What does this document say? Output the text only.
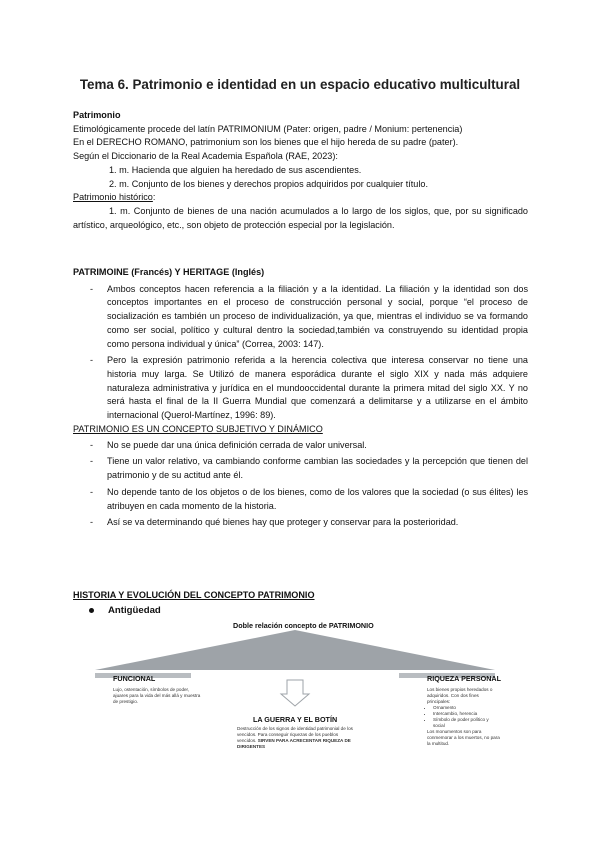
Tema 6. Patrimonio e identidad en un espacio educativo multicultural
Patrimonio
Etimológicamente procede del latín PATRIMONIUM (Pater: origen, padre / Monium: pertenencia)
En el DERECHO ROMANO, patrimonium son los bienes que el hijo hereda de su padre (pater).
Según el Diccionario de la Real Academia Española (RAE, 2023):
1. m. Hacienda que alguien ha heredado de sus ascendientes.
2. m. Conjunto de los bienes y derechos propios adquiridos por cualquier título.
Patrimonio histórico:
1. m. Conjunto de bienes de una nación acumulados a lo largo de los siglos, que, por su significado artístico, arqueológico, etc., son objeto de protección especial por la legislación.
PATRIMOINE (Francés) Y HERITAGE (Inglés)
- Ambos conceptos hacen referencia a la filiación y a la identidad. La filiación y la identidad son dos conceptos importantes en el proceso de construcción personal y social, porque “el proceso de socialización es también un proceso de individualización, ya que, mientras el individuo se va formando como ser social, político y cultural dentro la sociedad,también va construyendo su identidad propia como persona individual y única” (Correa, 2003: 147).
- Pero la expresión patrimonio referida a la herencia colectiva que interesa conservar no tiene una historia muy larga. Se Utilizó de manera esporádica durante el siglo XIX y nada más adquiere naturaleza administrativa y jurídica en el mundooccidental durante la primera mitad del siglo XX. Y no será hasta el final de la II Guerra Mundial que comenzará a delimitarse y a utilizarse en el ámbito internacional (Querol-Martínez, 1996: 89).
PATRIMONIO ES UN CONCEPTO SUBJETIVO Y DINÁMICO
- No se puede dar una única definición cerrada de valor universal.
- Tiene un valor relativo, va cambiando conforme cambian las sociedades y la percepción que tienen del patrimonio y de su actitud ante él.
- No depende tanto de los objetos o de los bienes, como de los valores que la sociedad (o sus élites) les atribuyen en cada momento de la historia.
- Así se va determinando qué bienes hay que proteger y conservar para la posterioridad.
HISTORIA Y EVOLUCIÓN DEL CONCEPTO PATRIMONIO
Antigüedad
Doble relación concepto de PATRIMONIO
FUNCIONAL
Lujo, ostentación, símbolos de poder, ajuares para la vida del más allá y muestra de prestigio.
LA GUERRA Y EL BOTÍN
Destrucción de los signos de identidad patrimonial de los vencidos. Para conseguir riquezas de los pueblos vencidos. SIRVEN PARA ACRECENTAR RIQUEZA DE DIRIGENTES
RIQUEZA PERSONAL
Los bienes propios heredados o adquiridos. Con dos fines principales:
• Ornamento
• Intercambio, herencia
• Símbolo de poder político y social
Los monumentos son para conmemorar a los muertos, no para la multitud.
